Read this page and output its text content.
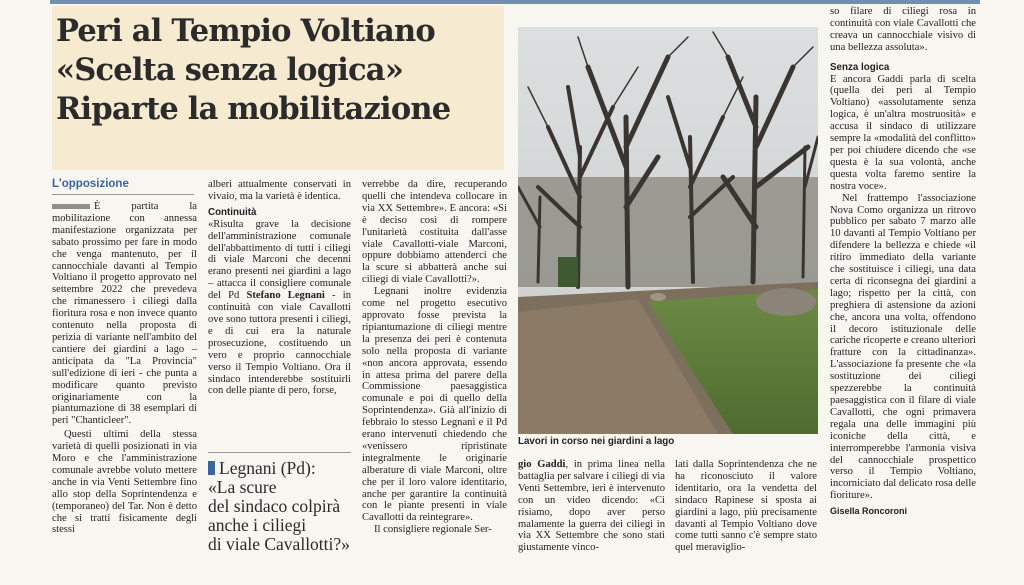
Peri al Tempio Voltiano
«Scelta senza logica»
Riparte la mobilitazione
L'opposizione

È partita la mobilitazione con annessa manifestazione organizzata per sabato prossimo per fare in modo che venga mantenuto, per il cannocchiale davanti al Tempio Voltiano il progetto approvato nel settembre 2022 che prevedeva che rimanessero i ciliegi dalla fioritura rosa e non invece quanto contenuto nella proposta di perizia di variante nell'ambito del cantiere dei giardini a lago – anticipata da "La Provincia" sull'edizione di ieri - che punta a modificare quanto previsto originariamente con la piantumazione di 38 esemplari di peri "Chanticleer".

Questi ultimi della stessa varietà di quelli posizionati in via Moro e che l'amministrazione comunale avrebbe voluto mettere anche in via Venti Settembre fino allo stop della Soprintendenza e (temporaneo) del Tar. Non è detto che si tratti fisicamente degli stessi

alberi attualmente conservati in vivaio, ma la varietà è identica.

Continuità

«Risulta grave la decisione dell'amministrazione comunale dell'abbattimento di tutti i ciliegi di viale Marconi che decenni erano presenti nei giardini a lago – attacca il consigliere comunale del Pd Stefano Legnani - in continuità con viale Cavallotti ove sono tuttora presenti i ciliegi, e di cui era la naturale prosecuzione, costituendo un vero e proprio cannocchiale verso il Tempio Voltiano. Ora il sindaco intenderebbe sostituirli con delle piante di pero, forse,

Legnani (Pd):
«La scure
del sindaco colpirà
anche i ciliegi
di viale Cavallotti?»

verrebbe da dire, recuperando quelli che intendeva collocare in via XX Settembre». E ancora: «Si è deciso così di rompere l'unitarietà costituita dall'asse viale Cavallotti-viale Marconi, oppure dobbiamo attenderci che la scure si abbatterà anche sui ciliegi di viale Cavallotti?».

Legnani inoltre evidenzia come nel progetto esecutivo approvato fosse prevista la ripiantumazione di ciliegi mentre la presenza dei peri è contenuta solo nella proposta di variante «non ancora approvata, essendo in attesa prima del parere della Commissione paesaggistica comunale e poi di quello della Soprintendenza». Già all'inizio di febbraio lo stesso Legnani e il Pd erano intervenuti chiedendo che «venissero ripristinate integralmente le originarie alberature di viale Marconi, oltre che per il loro valore identitario, anche per garantire la continuità con le piante presenti in viale Cavallotti da reintegrare».

Il consigliere regionale Ser-

Lavori in corso nei giardini a lago

gio Gaddi, in prima linea nella battaglia per salvare i ciliegi di via Venti Settembre, ieri è intervenuto con un video dicendo: «Ci risiamo, dopo aver perso malamente la guerra dei ciliegi in via XX Settembre che sono stati giustamente vinco-

lati dalla Soprintendenza che ne ha riconosciuto il valore identitario, ora la vendetta del sindaco Rapinese si sposta ai giardini a lago, più precisamente davanti al Tempio Voltiano dove come tutti sanno c'è sempre stato quel meraviglio-

so filare di ciliegi rosa in continuità con viale Cavallotti che creava un cannocchiale visivo di una bellezza assoluta».

Senza logica

E ancora Gaddi parla di scelta (quella dei peri al Tempio Voltiano) «assolutamente senza logica, è un'altra mostruosità» e accusa il sindaco di utilizzare sempre la «modalità del conflitto» per poi chiudere dicendo che «se questa è la sua volontà, anche questa volta faremo sentire la nostra voce».

Nel frattempo l'associazione Nova Como organizza un ritrovo pubblico per sabato 7 marzo alle 10 davanti al Tempio Voltiano per difendere la bellezza e chiede «il ritiro immediato della variante che sostituisce i ciliegi, una data certa di riconsegna dei giardini a lago; rispetto per la città, con preghiera di astensione da azioni che, ancora una volta, offendono il decoro istituzionale delle cariche ricoperte e creano ulteriori fratture con la cittadinanza». L'associazione fa presente che «la sostituzione dei ciliegi spezzerebbe la continuità paesaggistica con il filare di viale Cavallotti, che ogni primavera regala una delle immagini più iconiche della città, e interromperebbe l'armonia visiva del cannocchiale prospettico verso il Tempio Voltiano, incorniciato dal delicato rosa delle fioriture».

Gisella Roncoroni
